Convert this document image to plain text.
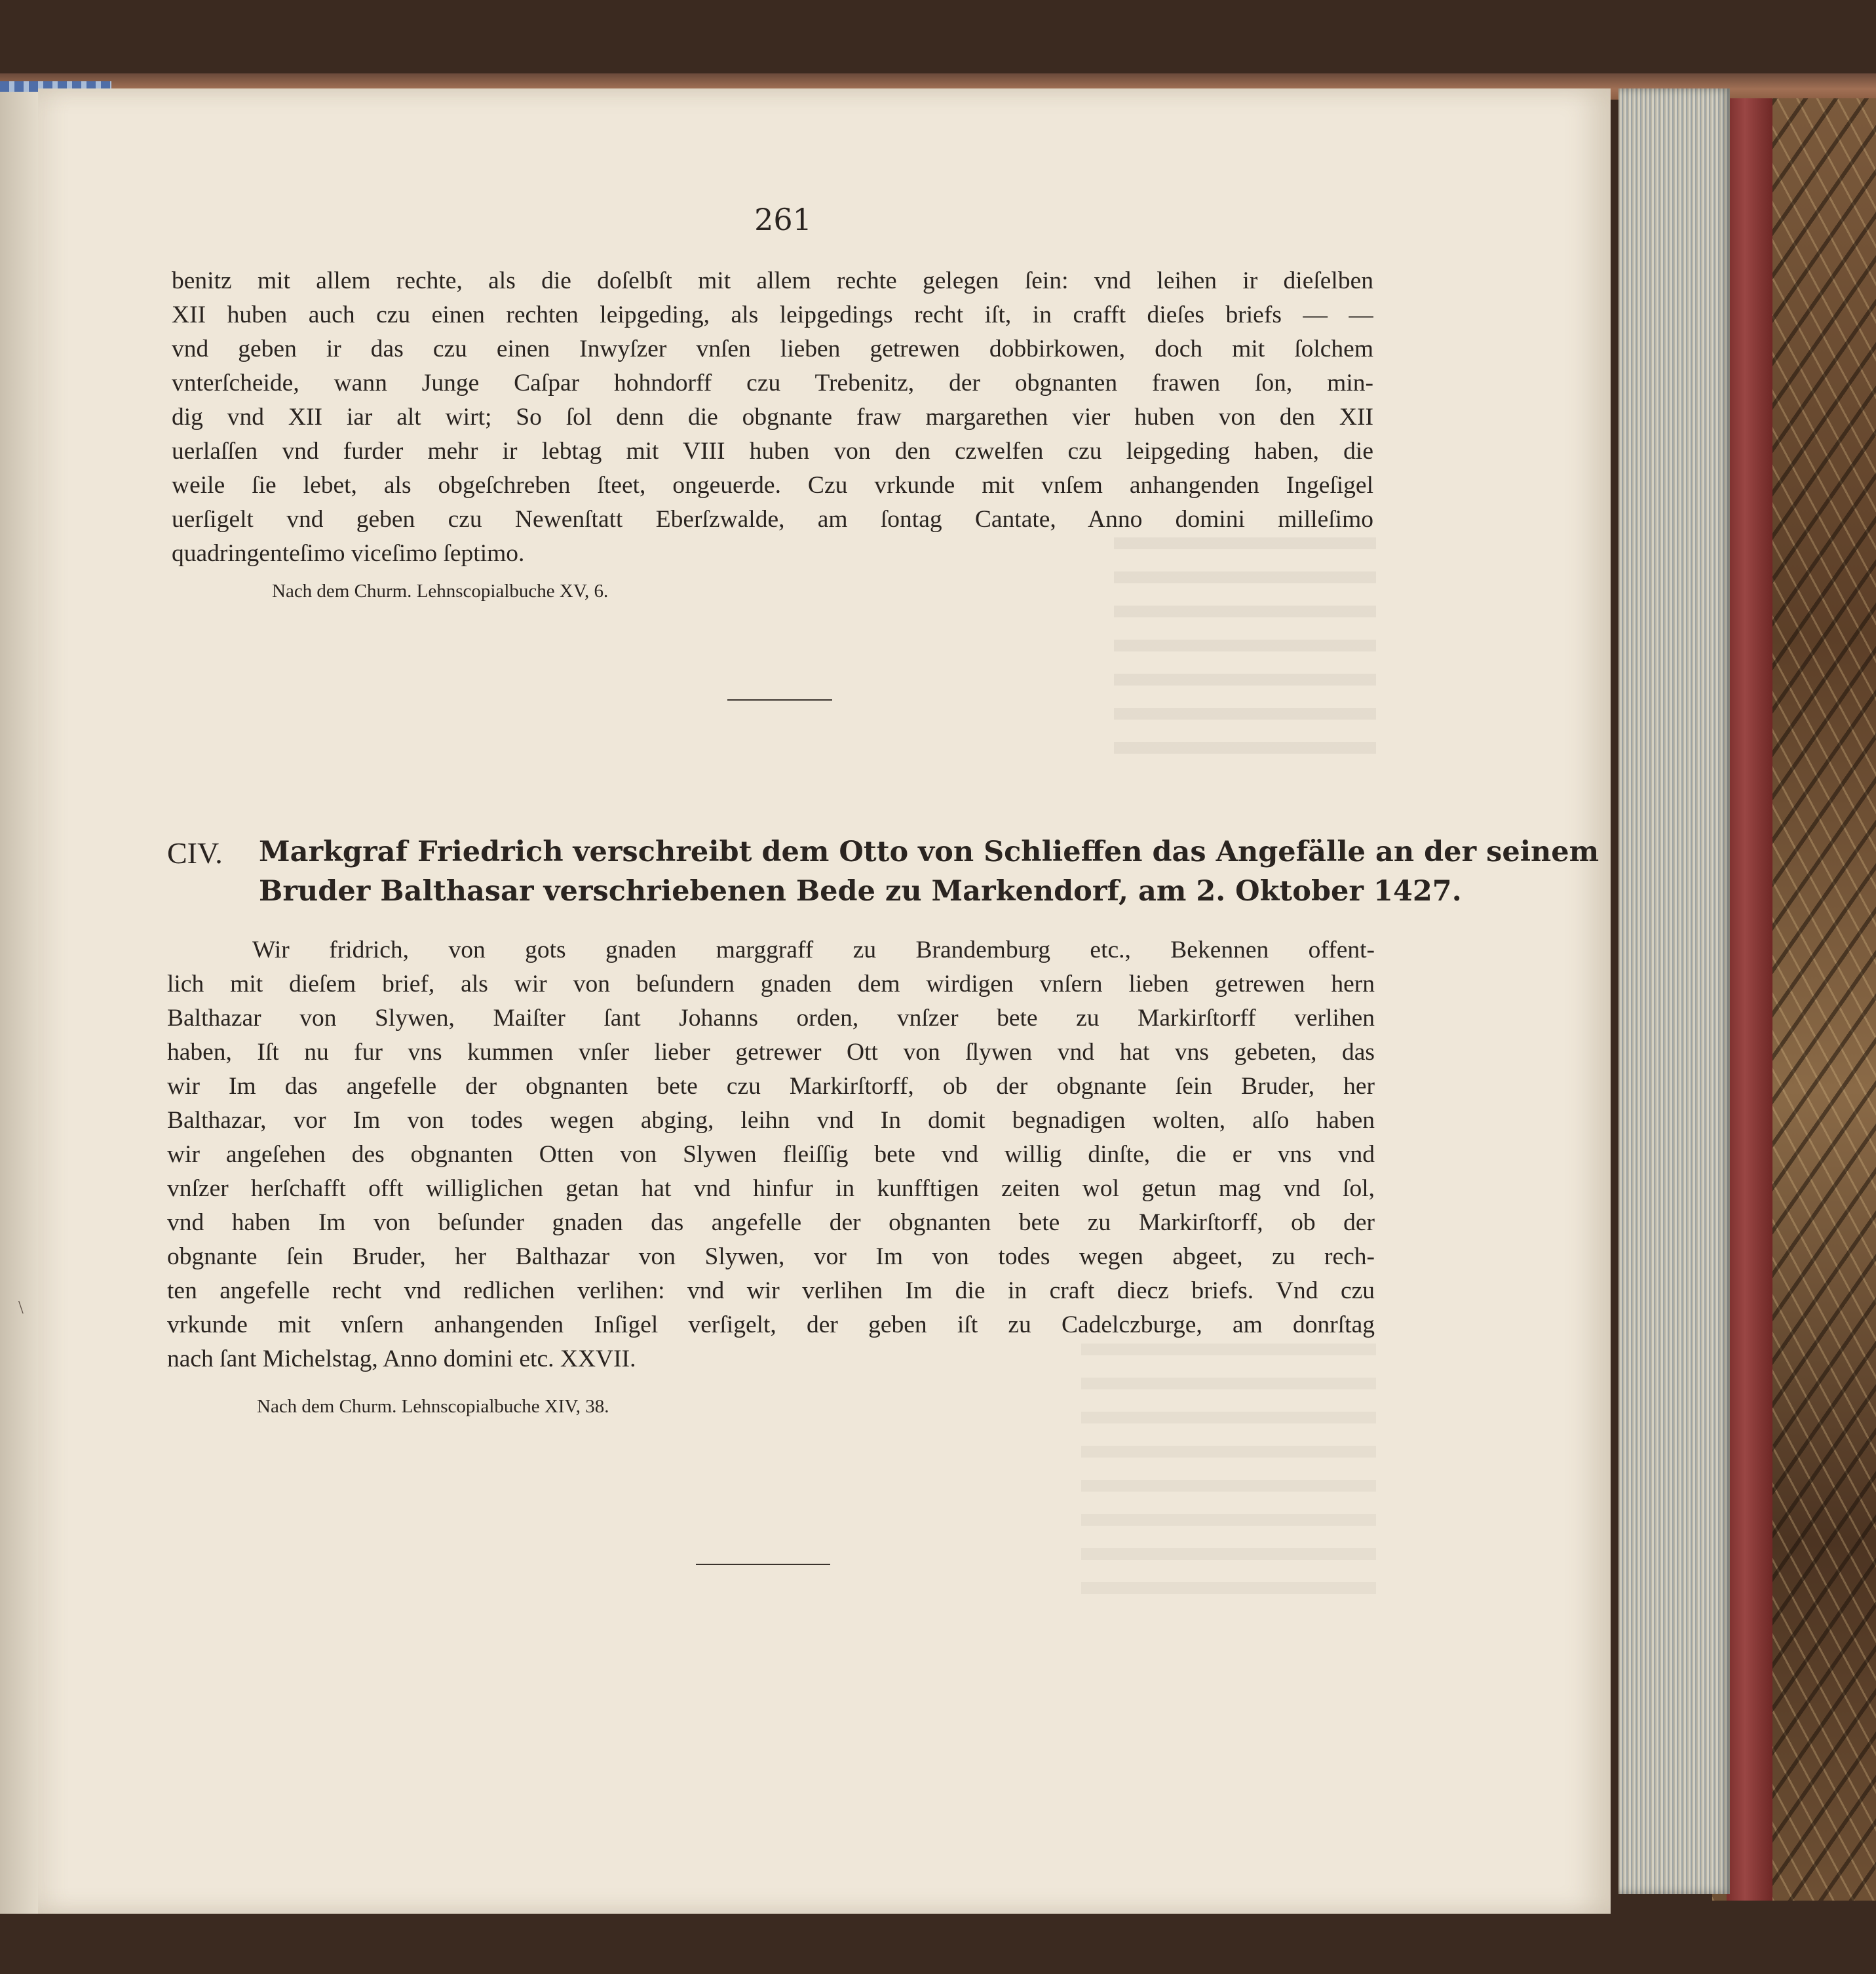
261
benitz mit allem rechte, als die doſelbſt mit allem rechte gelegen ſein: vnd leihen ir dieſelben
XII huben auch czu einen rechten leipgeding, als leipgedings recht iſt, in crafft dieſes briefs — —
vnd geben ir das czu einen Inwyſzer vnſen lieben getrewen dobbirkowen, doch mit ſolchem
vnterſcheide, wann Junge Caſpar hohndorff czu Trebenitz, der obgnanten frawen ſon, min-
dig vnd XII iar alt wirt; So ſol denn die obgnante fraw margarethen vier huben von den XII
uerlaſſen vnd furder mehr ir lebtag mit VIII huben von den czwelfen czu leipgeding haben, die
weile ſie lebet, als obgeſchreben ſteet, ongeuerde. Czu vrkunde mit vnſem anhangenden Ingeſigel
uerſigelt vnd geben czu Newenſtatt Eberſzwalde, am ſontag Cantate, Anno domini milleſimo
quadringenteſimo viceſimo ſeptimo.
Nach dem Churm. Lehnscopialbuche XV, 6.
CIV. Markgraf Friedrich verschreibt dem Otto von Schlieffen das Angefälle an der seinem
Bruder Balthasar verschriebenen Bede zu Markendorf, am 2. Oktober 1427.
Wir fridrich, von gots gnaden marggraff zu Brandemburg etc., Bekennen offent-
lich mit dieſem brief, als wir von beſundern gnaden dem wirdigen vnſern lieben getrewen hern
Balthazar von Slywen, Maiſter ſant Johanns orden, vnſzer bete zu Markirſtorff verlihen
haben, Iſt nu fur vns kummen vnſer lieber getrewer Ott von ſlywen vnd hat vns gebeten, das
wir Im das angefelle der obgnanten bete czu Markirſtorff, ob der obgnante ſein Bruder, her
Balthazar, vor Im von todes wegen abging, leihn vnd In domit begnadigen wolten, alſo haben
wir angeſehen des obgnanten Otten von Slywen fleiſſig bete vnd willig dinſte, die er vns vnd
vnſzer herſchafft offt williglichen getan hat vnd hinfur in kunfftigen zeiten wol getun mag vnd ſol,
vnd haben Im von beſunder gnaden das angefelle der obgnanten bete zu Markirſtorff, ob der
obgnante ſein Bruder, her Balthazar von Slywen, vor Im von todes wegen abgeet, zu rech-
ten angefelle recht vnd redlichen verlihen: vnd wir verlihen Im die in craft diecz briefs. Vnd czu
vrkunde mit vnſern anhangenden Inſigel verſigelt, der geben iſt zu Cadelczburge, am donrſtag
nach ſant Michelstag, Anno domini etc. XXVII.
Nach dem Churm. Lehnscopialbuche XIV, 38.
\
